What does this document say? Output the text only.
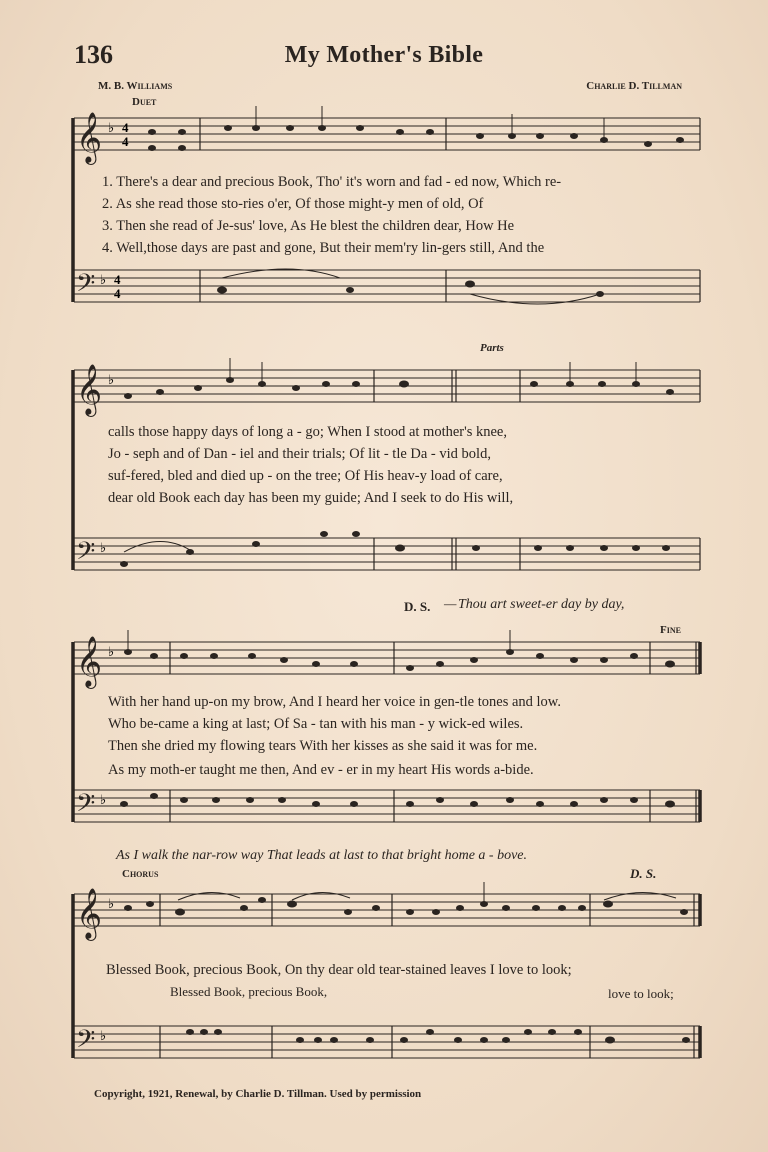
136	My Mother's Bible
M. B. Williams	Charlie D. Tillman
Duet
𝄞 ♭ 4
4
𝄢 ♭ 4
4
1. There's a dear and precious Book, Tho' it's worn and fad - ed now, Which re-
2. As she read those sto-ries o'er, Of those might-y men of old, Of
3. Then she read of Je-sus' love, As He blest the children dear, How He
4. Well,those days are past and gone, But their mem'ry lin-gers still, And the
Parts
𝄞 ♭
𝄢 ♭
calls those happy days of long a - go; When I stood at mother's knee,
Jo - seph and of Dan - iel and their trials; Of lit - tle Da - vid bold,
suf-fered, bled and died up - on the tree; Of His heav-y load of care,
dear old Book each day has been my guide; And I seek to do His will,
D. S. — Thou art sweet-er day by day,
Fine
𝄞 ♭
𝄢 ♭
With her hand up-on my brow, And I heard her voice in gen-tle tones and low.
Who be-came a king at last; Of Sa - tan with his man - y wick-ed wiles.
Then she dried my flowing tears With her kisses as she said it was for me.
As my moth-er taught me then, And ev - er in my heart His words a-bide.
As I walk the nar-row way That leads at last to that bright home a - bove.
Chorus	D. S.
𝄞 ♭
𝄢 ♭
Blessed Book, precious Book, On thy dear old tear-stained leaves I love to look;
Blessed Book, precious Book,	love to look;
Copyright, 1921, Renewal, by Charlie D. Tillman. Used by permission
